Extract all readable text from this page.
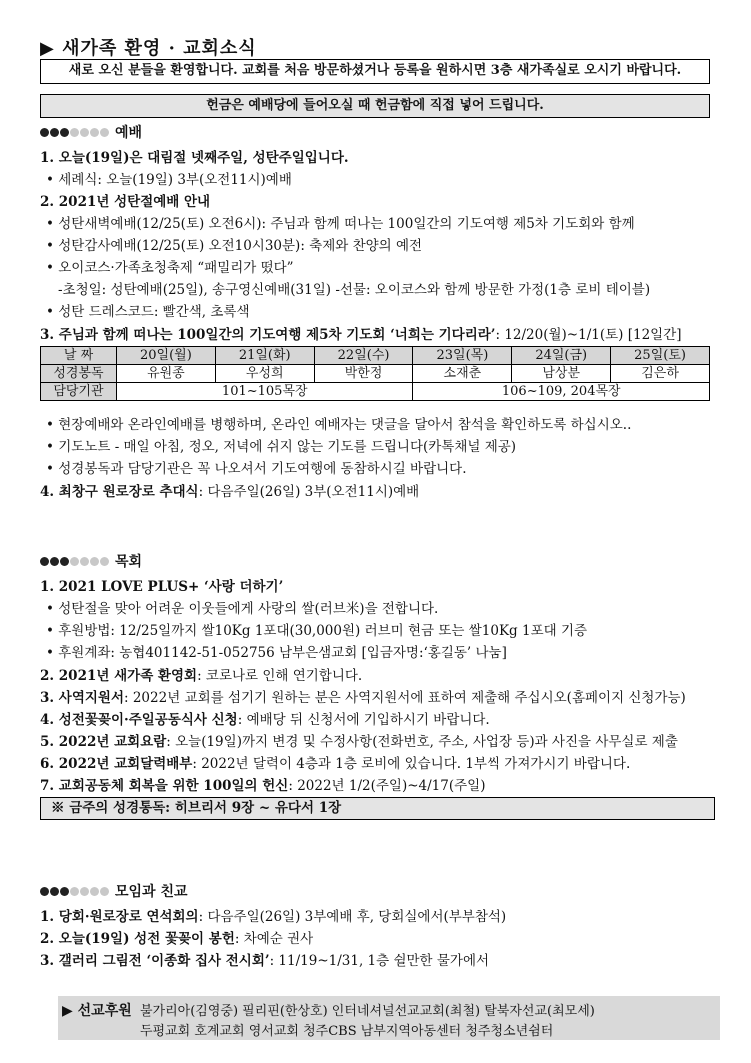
▶ 새가족 환영 · 교회소식
새로 오신 분들을 환영합니다. 교회를 처음 방문하셨거나 등록을 원하시면 3층 새가족실로 오시기 바랍니다.
헌금은 예배당에 들어오실 때 헌금함에 직접 넣어 드립니다.
예배
1. 오늘(19일)은 대림절 넷째주일, 성탄주일입니다.
• 세례식: 오늘(19일) 3부(오전11시)예배
2. 2021년 성탄절예배 안내
• 성탄새벽예배(12/25(토) 오전6시): 주님과 함께 떠나는 100일간의 기도여행 제5차 기도회와 함께
• 성탄감사예배(12/25(토) 오전10시30분): 축제와 찬양의 예전
• 오이코스·가족초청축제 “패밀리가 떴다”
-초청일: 성탄예배(25일), 송구영신예배(31일) -선물: 오이코스와 함께 방문한 가정(1층 로비 테이블)
• 성탄 드레스코드: 빨간색, 초록색
3. 주님과 함께 떠나는 100일간의 기도여행 제5차 기도회 ‘너희는 기다리라’: 12/20(월)~1/1(토) [12일간]
날 짜	20일(월)	21일(화)	22일(수)	23일(목)	24일(금)	25일(토)
성경봉독	유원종	우성희	박한정	소재춘	남상분	김은하
담당기관	101~105목장			106~109, 204목장		
• 현장예배와 온라인예배를 병행하며, 온라인 예배자는 댓글을 달아서 참석을 확인하도록 하십시오..
• 기도노트 - 매일 아침, 정오, 저녁에 쉬지 않는 기도를 드립니다(카톡채널 제공)
• 성경봉독과 담당기관은 꼭 나오셔서 기도여행에 동참하시길 바랍니다.
4. 최창구 원로장로 추대식: 다음주일(26일) 3부(오전11시)예배
목회
1. 2021 LOVE PLUS+ ‘사랑 더하기’
• 성탄절을 맞아 어려운 이웃들에게 사랑의 쌀(러브米)을 전합니다.
• 후원방법: 12/25일까지 쌀10Kg 1포대(30,000원) 러브미 현금 또는 쌀10Kg 1포대 기증
• 후원계좌: 농협401142-51-052756 남부은샘교회 [입금자명:‘홍길동’ 나눔]
2. 2021년 새가족 환영회: 코로나로 인해 연기합니다.
3. 사역지원서: 2022년 교회를 섬기기 원하는 분은 사역지원서에 표하여 제출해 주십시오(홈페이지 신청가능)
4. 성전꽃꽂이·주일공동식사 신청: 예배당 뒤 신청서에 기입하시기 바랍니다.
5. 2022년 교회요람: 오늘(19일)까지 변경 및 수정사항(전화번호, 주소, 사업장 등)과 사진을 사무실로 제출
6. 2022년 교회달력배부: 2022년 달력이 4층과 1층 로비에 있습니다. 1부씩 가져가시기 바랍니다.
7. 교회공동체 회복을 위한 100일의 헌신: 2022년 1/2(주일)~4/17(주일)
※ 금주의 성경통독: 히브리서 9장 ~ 유다서 1장
모임과 친교
1. 당회·원로장로 연석회의: 다음주일(26일) 3부예배 후, 당회실에서(부부참석)
2. 오늘(19일) 성전 꽃꽂이 봉헌: 차예순 권사
3. 갤러리 그림전 ‘이종화 집사 전시회’: 11/19~1/31, 1층 쉴만한 물가에서
▶ 선교후원 불가리아(김영중) 필리핀(한상호) 인터네셔널선교교회(최철) 탈북자선교(최모세)
두평교회 호계교회 영서교회 청주CBS 남부지역아동센터 청주청소년쉼터
